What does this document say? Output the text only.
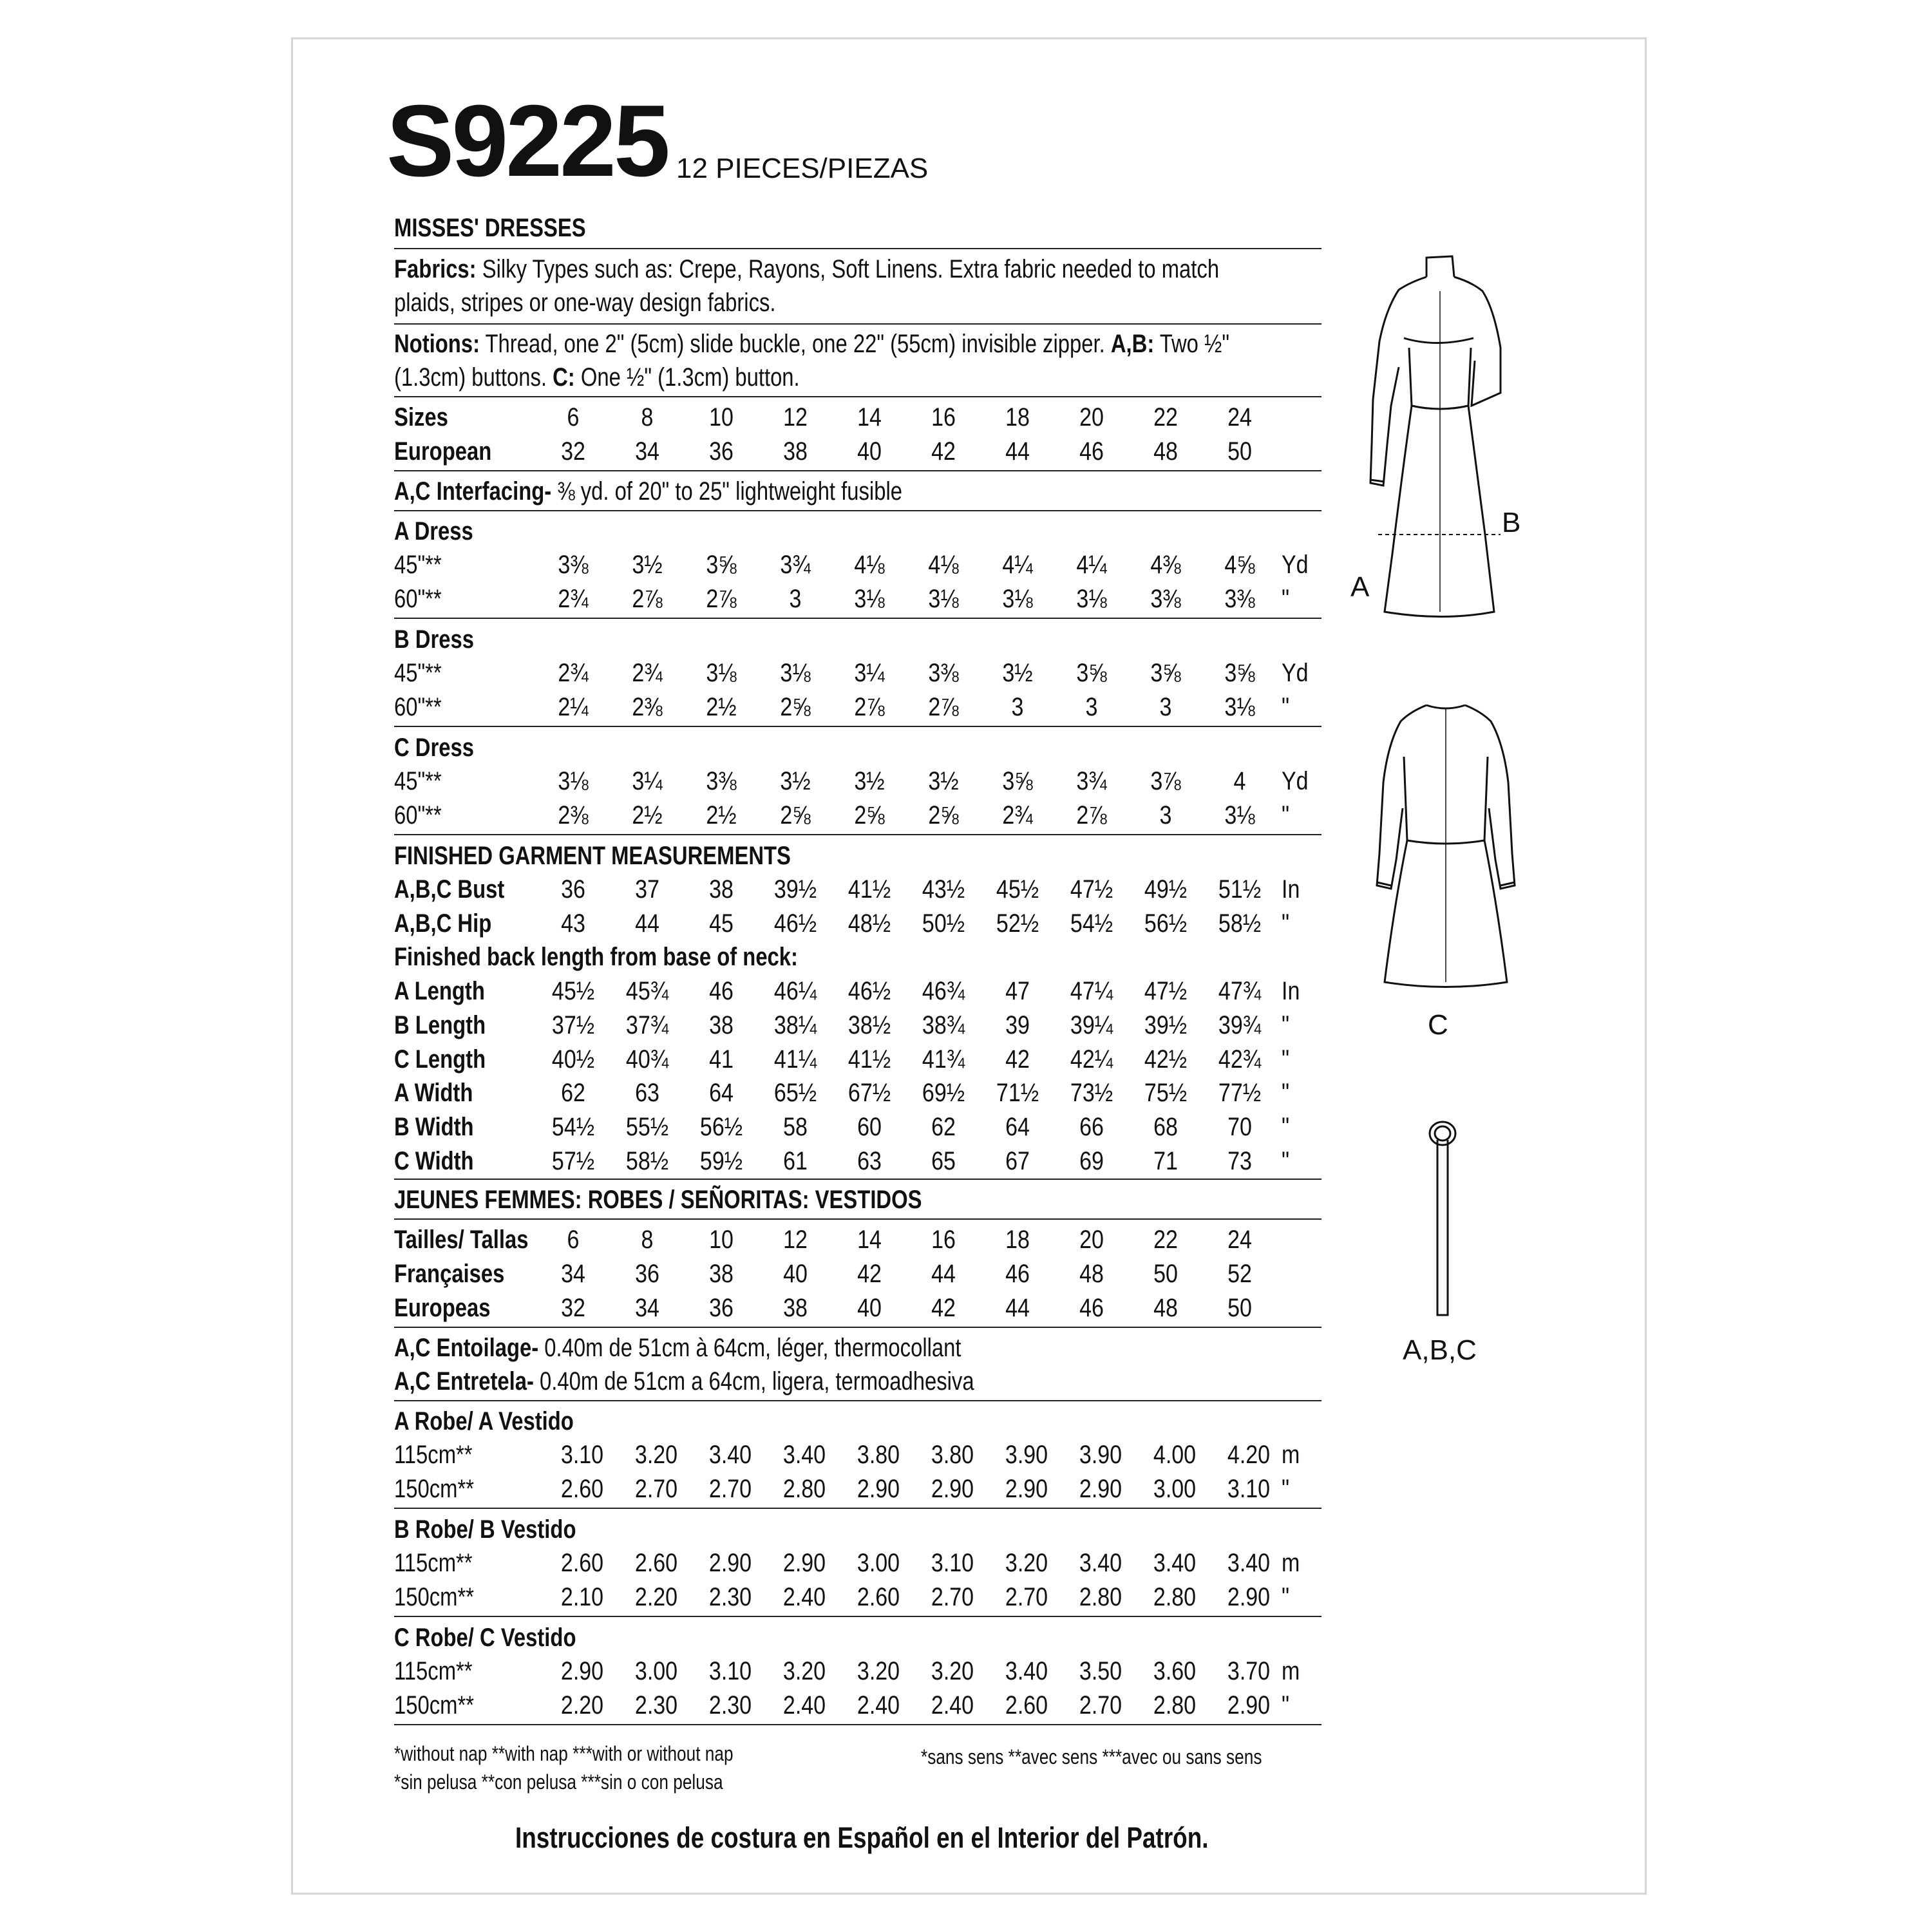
S9225 12 PIECES/PIEZAS
MISSES' DRESSES
Fabrics: Silky Types such as: Crepe, Rayons, Soft Linens. Extra fabric needed to match
plaids, stripes or one-way design fabrics.
Notions: Thread, one 2" (5cm) slide buckle, one 22" (55cm) invisible zipper. A,B: Two ½"
(1.3cm) buttons. C: One ½" (1.3cm) button.
Sizes	6 8 10 12 14 16 18 20 22 24
European	32 34 36 38 40 42 44 46 48 50
A,C Interfacing- ⅜ yd. of 20" to 25" lightweight fusible
A Dress
45"**	3⅜ 3½ 3⅝ 3¾ 4⅛ 4⅛ 4¼ 4¼ 4⅜ 4⅝ Yd
60"**	2¾ 2⅞ 2⅞ 3 3⅛ 3⅛ 3⅛ 3⅛ 3⅜ 3⅜ "
B Dress
45"**	2¾ 2¾ 3⅛ 3⅛ 3¼ 3⅜ 3½ 3⅝ 3⅝ 3⅝ Yd
60"**	2¼ 2⅜ 2½ 2⅝ 2⅞ 2⅞ 3 3 3 3⅛ "
C Dress
45"**	3⅛ 3¼ 3⅜ 3½ 3½ 3½ 3⅝ 3¾ 3⅞ 4 Yd
60"**	2⅜ 2½ 2½ 2⅝ 2⅝ 2⅝ 2¾ 2⅞ 3 3⅛ "
FINISHED GARMENT MEASUREMENTS
A,B,C Bust 36 37 38 39½ 41½ 43½ 45½ 47½ 49½ 51½ In
A,B,C Hip	43 44 45 46½ 48½ 50½ 52½ 54½ 56½ 58½ "
Finished back length from base of neck:
A Length	45½ 45¾ 46 46¼ 46½ 46¾ 47 47¼ 47½ 47¾ In
B Length	37½ 37¾ 38 38¼ 38½ 38¾ 39 39¼ 39½ 39¾ "
C Length	40½ 40¾ 41 41¼ 41½ 41¾ 42 42¼ 42½ 42¾ "
A Width	62 63 64 65½ 67½ 69½ 71½ 73½ 75½ 77½ "
B Width	54½ 55½ 56½ 58 60 62 64 66 68 70 "
C Width	57½ 58½ 59½ 61 63 65 67 69 71 73 "
JEUNES FEMMES: ROBES / SEÑORITAS: VESTIDOS
Tailles/ Tallas 6 8 10 12 14 16 18 20 22 24
Françaises 34 36 38 40 42 44 46 48 50 52
Europeas	32 34 36 38 40 42 44 46 48 50
A,C Entoilage- 0.40m de 51cm à 64cm, léger, thermocollant
A,C Entretela- 0.40m de 51cm a 64cm, ligera, termoadhesiva
A Robe/ A Vestido
115cm**	3.10 3.20 3.40 3.40 3.80 3.80 3.90 3.90 4.00 4.20 m
150cm**	2.60 2.70 2.70 2.80 2.90 2.90 2.90 2.90 3.00 3.10 "
B Robe/ B Vestido
115cm**	2.60 2.60 2.90 2.90 3.00 3.10 3.20 3.40 3.40 3.40 m
150cm**	2.10 2.20 2.30 2.40 2.60 2.70 2.70 2.80 2.80 2.90 "
C Robe/ C Vestido
115cm**	2.90 3.00 3.10 3.20 3.20 3.20 3.40 3.50 3.60 3.70 m
150cm**	2.20 2.30 2.30 2.40 2.40 2.40 2.60 2.70 2.80 2.90 "
A
B
C
A,B,C
*without nap **with nap ***with or without nap
*sin pelusa **con pelusa ***sin o con pelusa
*sans sens **avec sens ***avec ou sans sens
Instrucciones de costura en Español en el Interior del Patrón.
